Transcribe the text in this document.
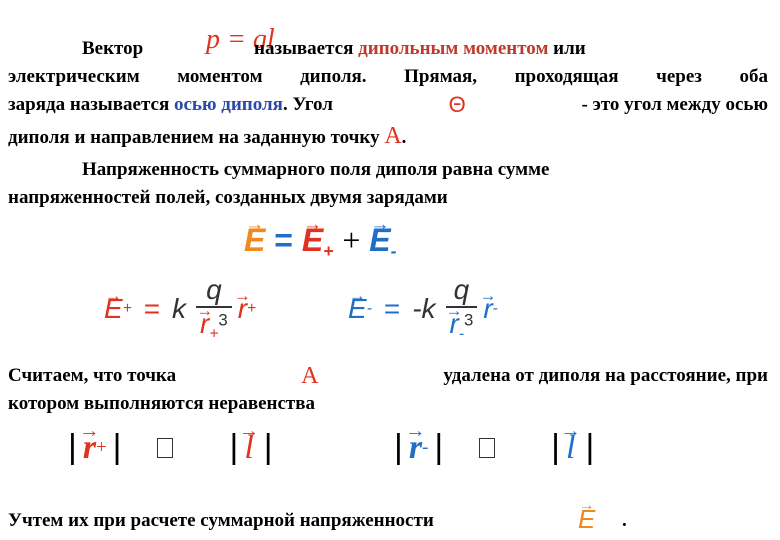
Вектор p = ql
называется дипольным моментом или
электрическим моментом диполя. Прямая, проходящая через оба
заряда называется осью диполя. Угол	Θ	- это угол между осью
диполя и направлением на заданную точку A.
Напряженность суммарного поля диполя равна сумме
напряженностей полей, созданных двумя зарядами
→ E = → $E_+$ + → $E_-$
→ E + = k q
→ $r_+^3$
→ r +
→	E - = -k q
→ $r_-^3$
→ r -
Считаем, что точка	A	удалена от диполя на расстояние, при
котором выполняются неравенства
|
→ r + |	|
→ l |	|
→ r - |	|
→ l |
Учтем их при расчете суммарной напряженности
→	E .
